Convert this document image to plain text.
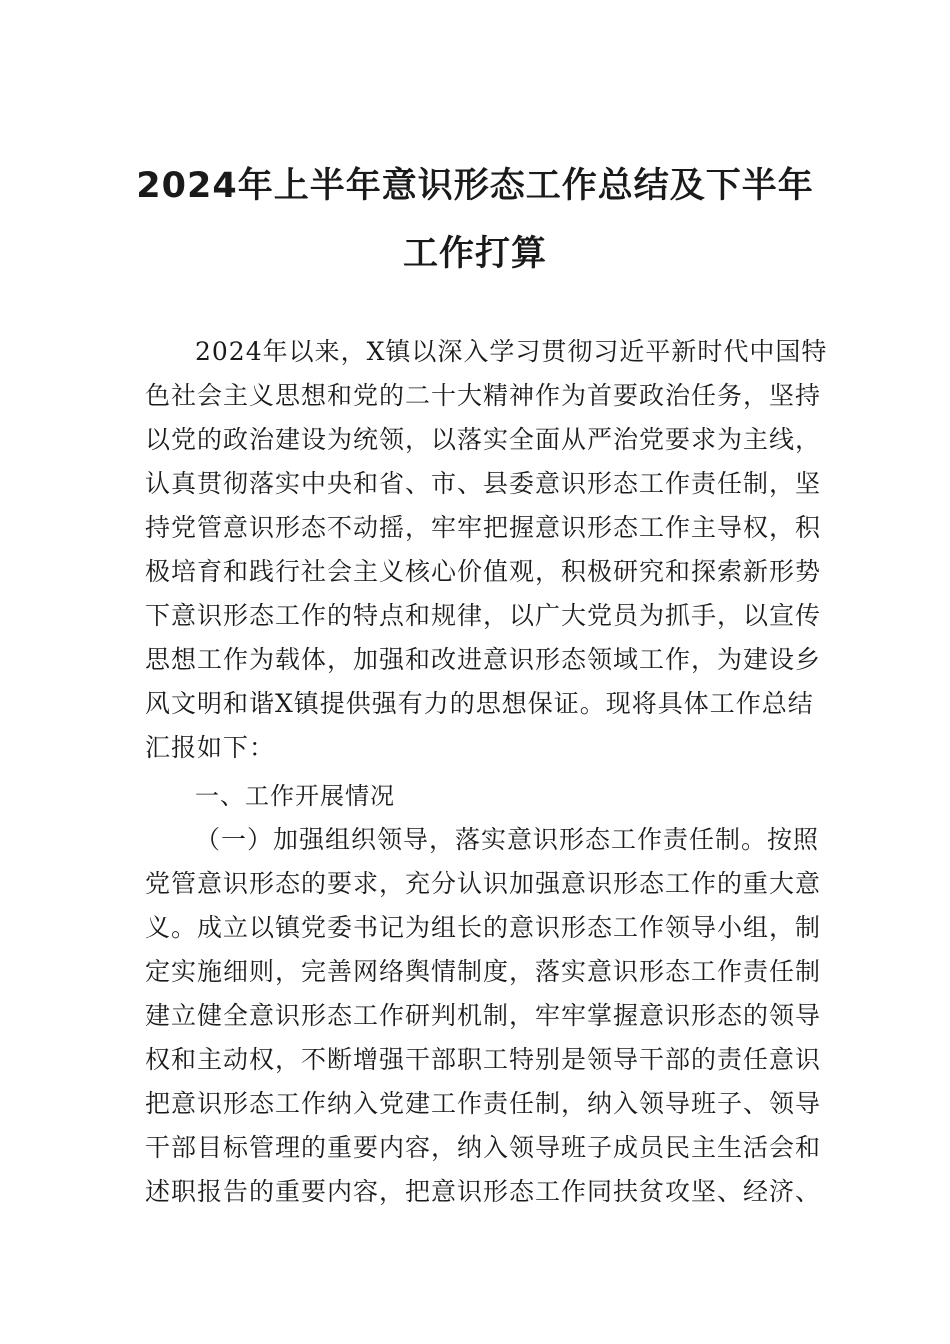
2024年上半年意识形态工作总结及下半年
工作打算
2024年以来，X镇以深入学习贯彻习近平新时代中国特
色社会主义思想和党的二十大精神作为首要政治任务，坚持
以党的政治建设为统领，以落实全面从严治党要求为主线，
认真贯彻落实中央和省、市、县委意识形态工作责任制，坚
持党管意识形态不动摇，牢牢把握意识形态工作主导权，积
极培育和践行社会主义核心价值观，积极研究和探索新形势
下意识形态工作的特点和规律，以广大党员为抓手，以宣传
思想工作为载体，加强和改进意识形态领域工作，为建设乡
风文明和谐X镇提供强有力的思想保证。现将具体工作总结
汇报如下：
一、工作开展情况
（一）加强组织领导，落实意识形态工作责任制。按照
党管意识形态的要求，充分认识加强意识形态工作的重大意
义。成立以镇党委书记为组长的意识形态工作领导小组，制
定实施细则，完善网络舆情制度，落实意识形态工作责任制
建立健全意识形态工作研判机制，牢牢掌握意识形态的领导
权和主动权，不断增强干部职工特别是领导干部的责任意识
把意识形态工作纳入党建工作责任制，纳入领导班子、领导
干部目标管理的重要内容，纳入领导班子成员民主生活会和
述职报告的重要内容，把意识形态工作同扶贫攻坚、经济、
